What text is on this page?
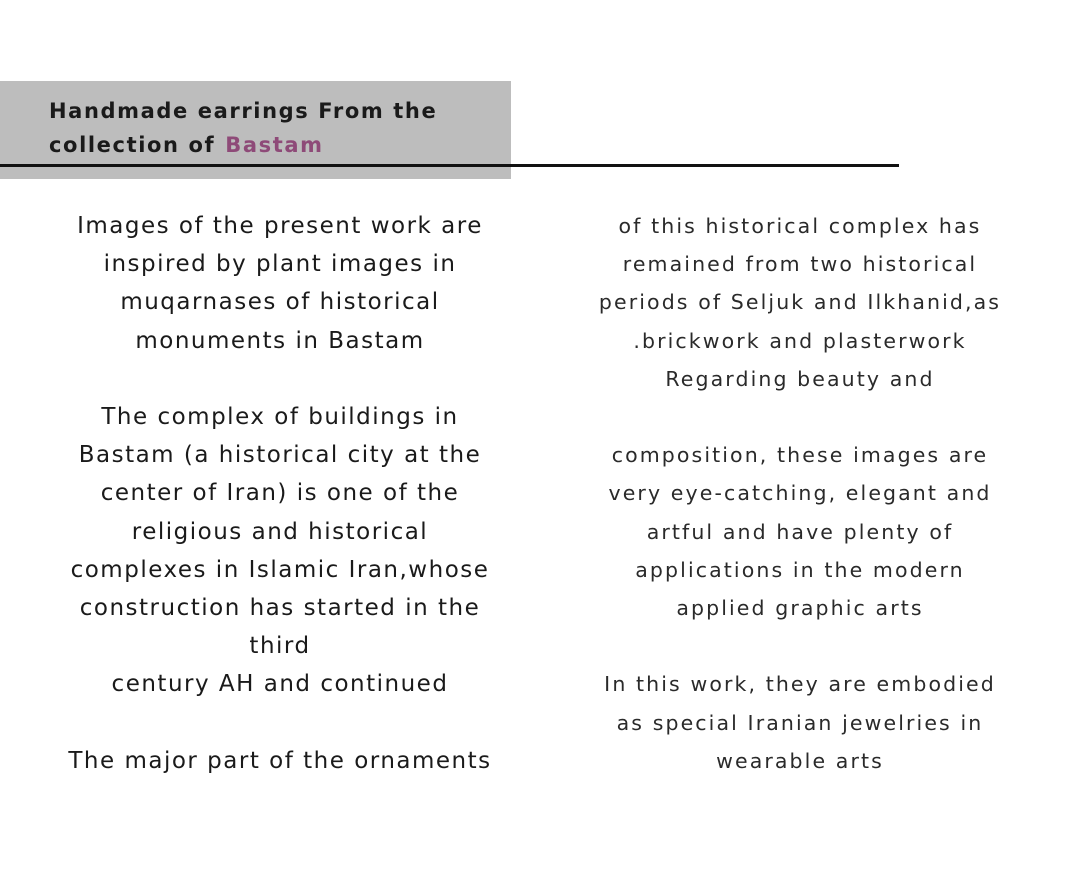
Handmade earrings From the
collection of Bastam
Images of the present work are
inspired by plant images in
muqarnases of historical
monuments in Bastam
The complex of buildings in
Bastam (a historical city at the
center of Iran) is one of the
religious and historical
complexes in Islamic Iran,whose
construction has started in the
third
century AH and continued
The major part of the ornaments
of this historical complex has
remained from two historical
periods of Seljuk and Ilkhanid,as
.brickwork and plasterwork
Regarding beauty and
composition, these images are
very eye-catching, elegant and
artful and have plenty of
applications in the modern
applied graphic arts
In this work, they are embodied
as special Iranian jewelries in
wearable arts
